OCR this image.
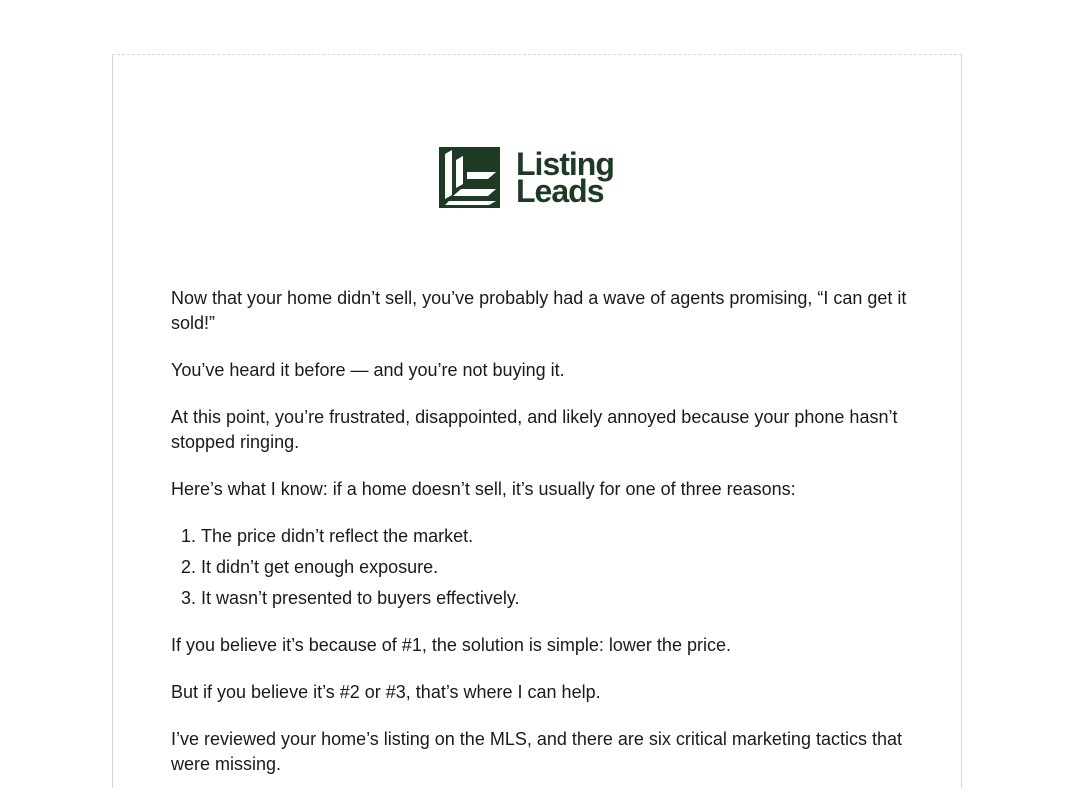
Listing
Leads

Now that your home didn’t sell, you’ve probably had a wave of agents promising, “I can get it sold!”

You’ve heard it before — and you’re not buying it.

At this point, you’re frustrated, disappointed, and likely annoyed because your phone hasn’t stopped ringing.

Here’s what I know: if a home doesn’t sell, it’s usually for one of three reasons:

1. The price didn’t reflect the market.
2. It didn’t get enough exposure.
3. It wasn’t presented to buyers effectively.

If you believe it’s because of #1, the solution is simple: lower the price.

But if you believe it’s #2 or #3, that’s where I can help.

I’ve reviewed your home’s listing on the MLS, and there are six critical marketing tactics that were missing.
